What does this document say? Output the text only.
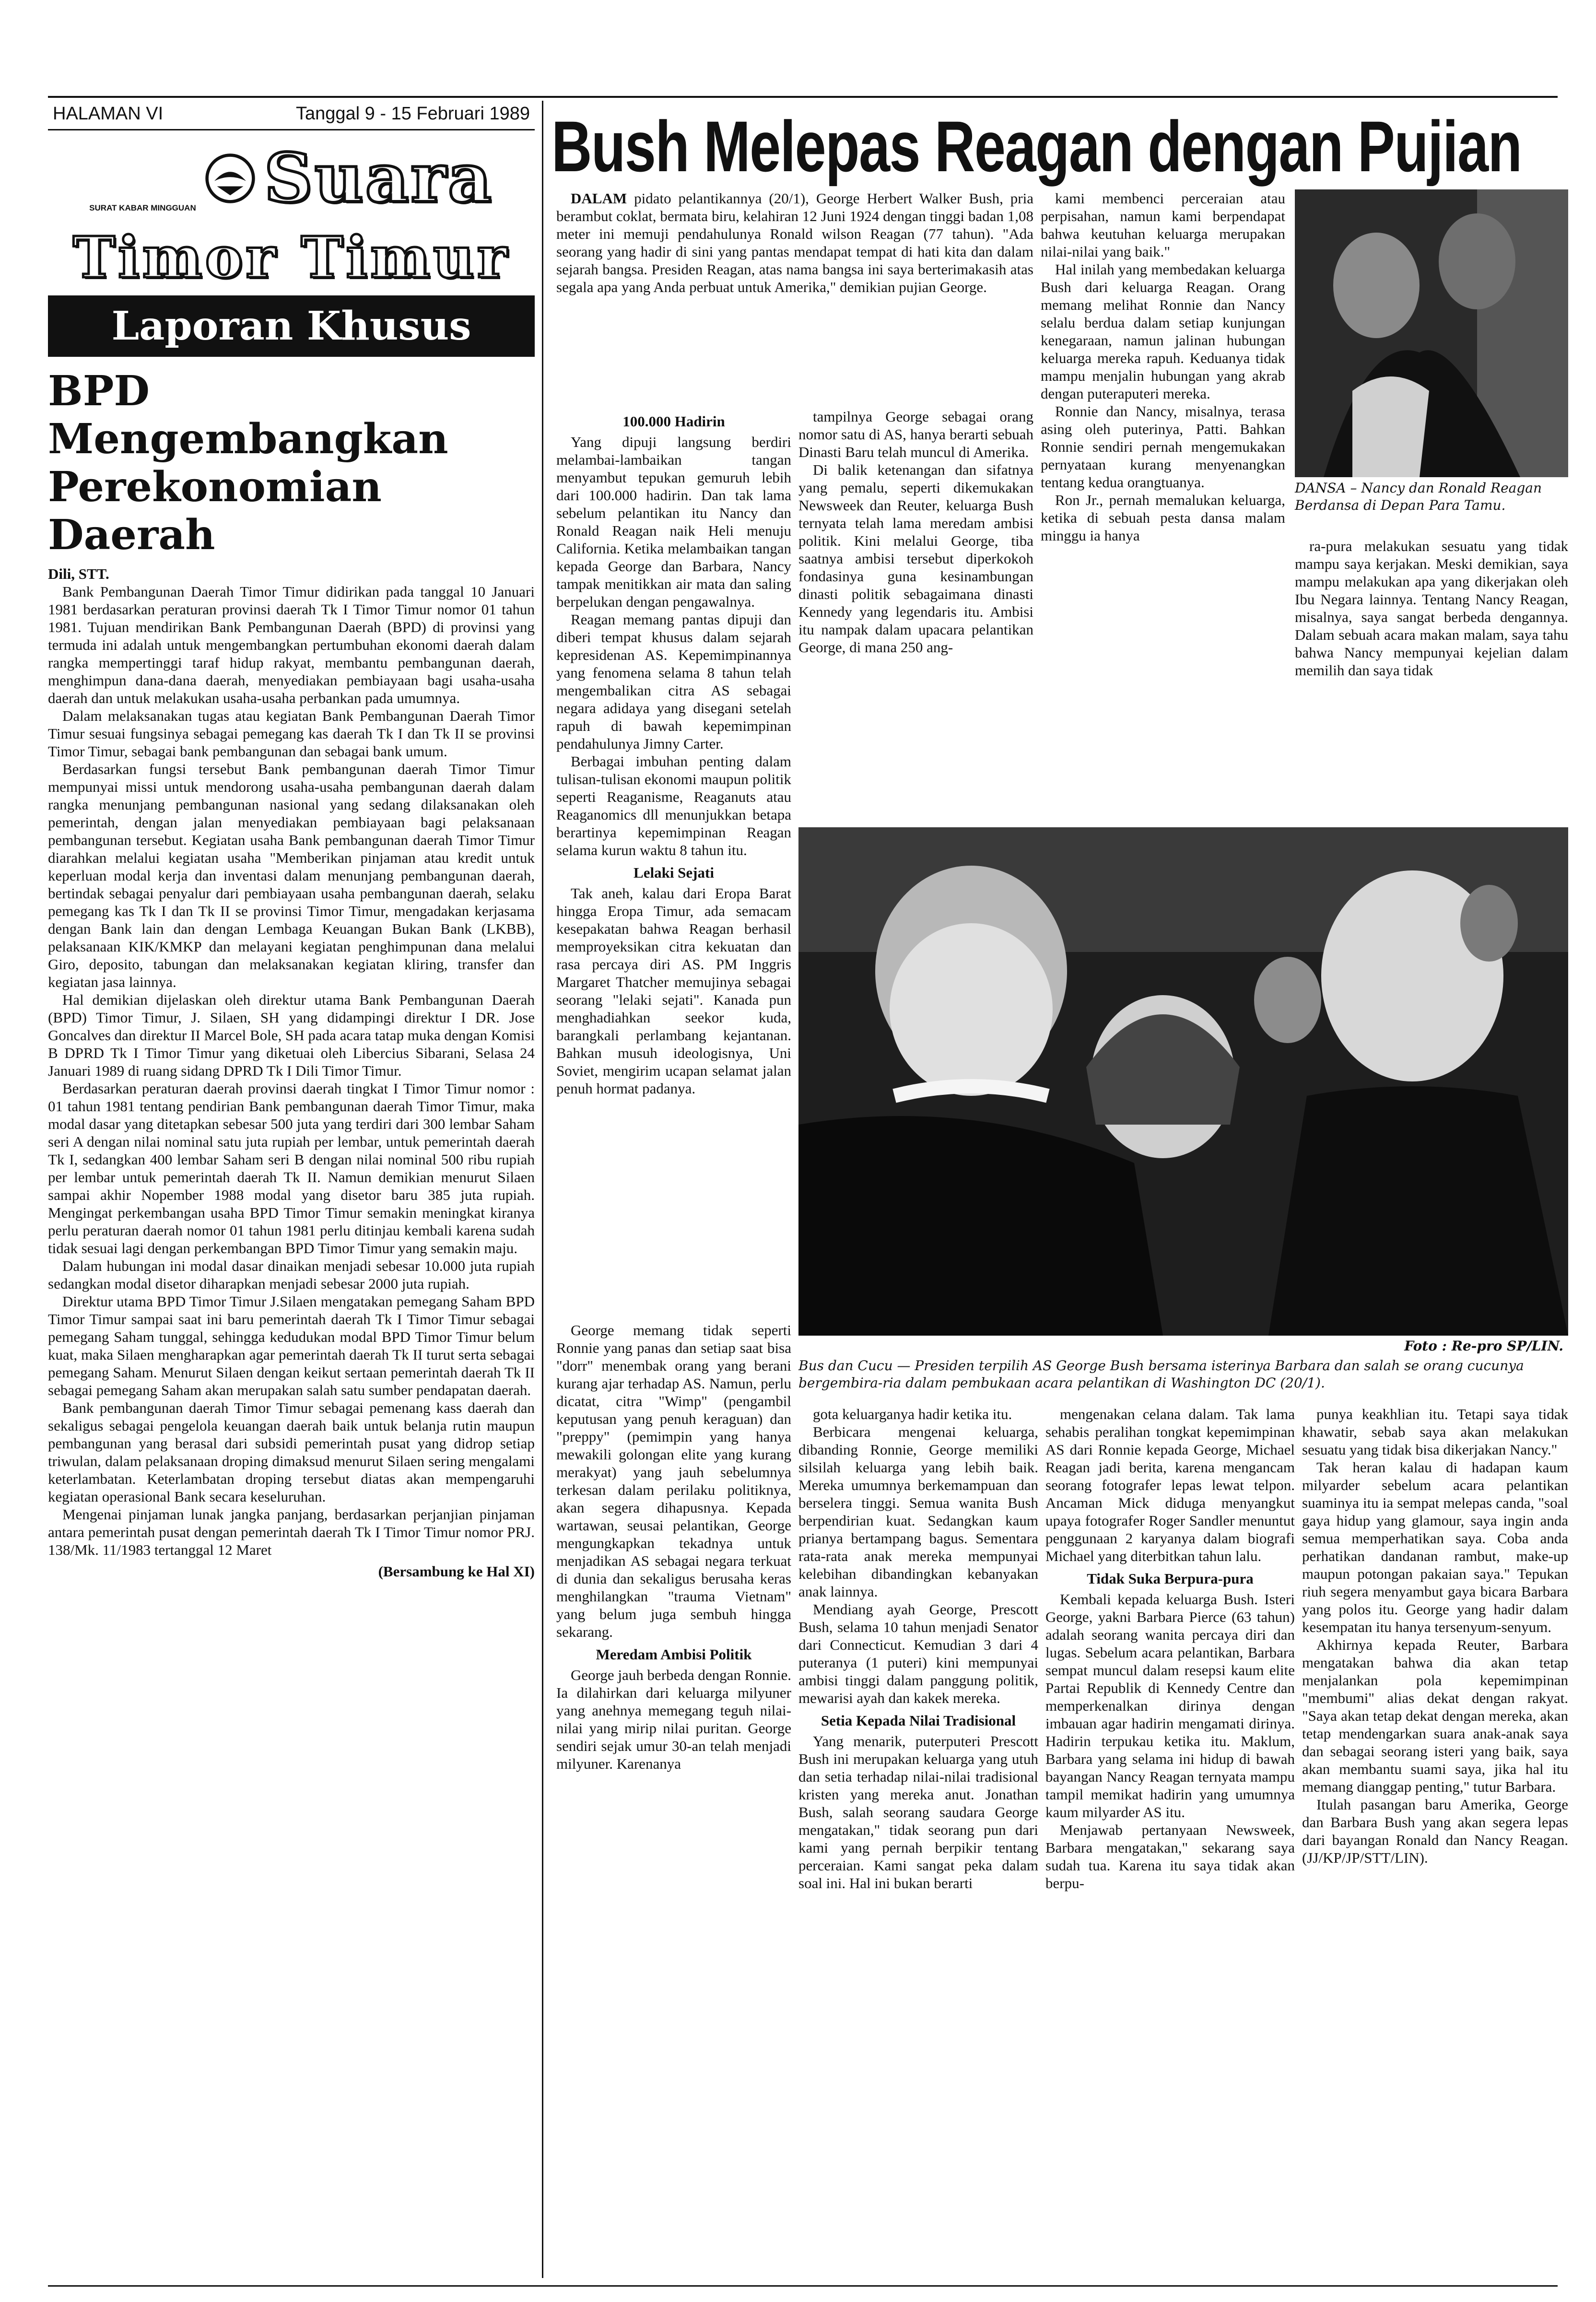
HALAMAN VI	Tanggal 9 - 15 Februari 1989
SURAT KABAR MINGGUAN Suara
Timor Timur
Laporan Khusus
BPD Mengembangkan Perekonomian Daerah

Dili, STT.

Bank Pembangunan Daerah Timor Timur didirikan pada tanggal 10 Januari 1981 berdasarkan peraturan provinsi daerah Tk I Timor Timur nomor 01 tahun 1981. Tujuan mendirikan Bank Pembangunan Daerah (BPD) di provinsi yang termuda ini adalah untuk mengembangkan pertumbuhan ekonomi daerah dalam rangka mempertinggi taraf hidup rakyat, membantu pembangunan daerah, menghimpun dana-dana daerah, menyediakan pembiayaan bagi usaha-usaha daerah dan untuk melakukan usaha-usaha perbankan pada umumnya.

Dalam melaksanakan tugas atau kegiatan Bank Pembangunan Daerah Timor Timur sesuai fungsinya sebagai pemegang kas daerah Tk I dan Tk II se provinsi Timor Timur, sebagai bank pembangunan dan sebagai bank umum.

Berdasarkan fungsi tersebut Bank pembangunan daerah Timor Timur mempunyai missi untuk mendorong usaha-usaha pembangunan daerah dalam rangka menunjang pembangunan nasional yang sedang dilaksanakan oleh pemerintah, dengan jalan menyediakan pembiayaan bagi pelaksanaan pembangunan tersebut. Kegiatan usaha Bank pembangunan daerah Timor Timur diarahkan melalui kegiatan usaha "Memberikan pinjaman atau kredit untuk keperluan modal kerja dan inventasi dalam menunjang pembangunan daerah, bertindak sebagai penyalur dari pembiayaan usaha pembangunan daerah, selaku pemegang kas Tk I dan Tk II se provinsi Timor Timur, mengadakan kerjasama dengan Bank lain dan dengan Lembaga Keuangan Bukan Bank (LKBB), pelaksanaan KIK/KMKP dan melayani kegiatan penghimpunan dana melalui Giro, deposito, tabungan dan melaksanakan kegiatan kliring, transfer dan kegiatan jasa lainnya.

Hal demikian dijelaskan oleh direktur utama Bank Pembangunan Daerah (BPD) Timor Timur, J. Silaen, SH yang didampingi direktur I DR. Jose Goncalves dan direktur II Marcel Bole, SH pada acara tatap muka dengan Komisi B DPRD Tk I Timor Timur yang diketuai oleh Libercius Sibarani, Selasa 24 Januari 1989 di ruang sidang DPRD Tk I Dili Timor Timur.

Berdasarkan peraturan daerah provinsi daerah tingkat I Timor Timur nomor : 01 tahun 1981 tentang pendirian Bank pembangunan daerah Timor Timur, maka modal dasar yang ditetapkan sebesar 500 juta yang terdiri dari 300 lembar Saham seri A dengan nilai nominal satu juta rupiah per lembar, untuk pemerintah daerah Tk I, sedangkan 400 lembar Saham seri B dengan nilai nominal 500 ribu rupiah per lembar untuk pemerintah daerah Tk II. Namun demikian menurut Silaen sampai akhir Nopember 1988 modal yang disetor baru 385 juta rupiah. Mengingat perkembangan usaha BPD Timor Timur semakin meningkat kiranya perlu peraturan daerah nomor 01 tahun 1981 perlu ditinjau kembali karena sudah tidak sesuai lagi dengan perkembangan BPD Timor Timur yang semakin maju.

Dalam hubungan ini modal dasar dinaikan menjadi sebesar 10.000 juta rupiah sedangkan modal disetor diharapkan menjadi sebesar 2000 juta rupiah.

Direktur utama BPD Timor Timur J.Silaen mengatakan pemegang Saham BPD Timor Timur sampai saat ini baru pemerintah daerah Tk I Timor Timur sebagai pemegang Saham tunggal, sehingga kedudukan modal BPD Timor Timur belum kuat, maka Silaen mengharapkan agar pemerintah daerah Tk II turut serta sebagai pemegang Saham. Menurut Silaen dengan keikut sertaan pemerintah daerah Tk II sebagai pemegang Saham akan merupakan salah satu sumber pendapatan daerah.

Bank pembangunan daerah Timor Timur sebagai pemenang kass daerah dan sekaligus sebagai pengelola keuangan daerah baik untuk belanja rutin maupun pembangunan yang berasal dari subsidi pemerintah pusat yang didrop setiap triwulan, dalam pelaksanaan droping dimaksud menurut Silaen sering mengalami keterlambatan. Keterlambatan droping tersebut diatas akan mempengaruhi kegiatan operasional Bank secara keseluruhan.

Mengenai pinjaman lunak jangka panjang, berdasarkan perjanjian pinjaman antara pemerintah pusat dengan pemerintah daerah Tk I Timor Timur nomor PRJ. 138/Mk. 11/1983 tertanggal 12 Maret

(Bersambung ke Hal XI)

Bush Melepas Reagan dengan Pujian

DALAM pidato pelantikannya (20/1), George Herbert Walker Bush, pria berambut coklat, bermata biru, kelahiran 12 Juni 1924 dengan tinggi badan 1,08 meter ini memuji pendahulunya Ronald wilson Reagan (77 tahun). "Ada seorang yang hadir di sini yang pantas mendapat tempat di hati kita dan dalam sejarah bangsa. Presiden Reagan, atas nama bangsa ini saya berterimakasih atas segala apa yang Anda perbuat untuk Amerika," demikian pujian George.

100.000 Hadirin

Yang dipuji langsung berdiri melambai-lambaikan tangan menyambut tepukan gemuruh lebih dari 100.000 hadirin. Dan tak lama sebelum pelantikan itu Nancy dan Ronald Reagan naik Heli menuju California. Ketika melambaikan tangan kepada George dan Barbara, Nancy tampak menitikkan air mata dan saling berpelukan dengan pengawalnya.

Reagan memang pantas dipuji dan diberi tempat khusus dalam sejarah kepresidenan AS. Kepemimpinannya yang fenomena selama 8 tahun telah mengembalikan citra AS sebagai negara adidaya yang disegani setelah rapuh di bawah kepemimpinan pendahulunya Jimny Carter.

Berbagai imbuhan penting dalam tulisan-tulisan ekonomi maupun politik seperti Reaganisme, Reaganuts atau Reaganomics dll menunjukkan betapa berartinya kepemimpinan Reagan selama kurun waktu 8 tahun itu.

Lelaki Sejati

Tak aneh, kalau dari Eropa Barat hingga Eropa Timur, ada semacam kesepakatan bahwa Reagan berhasil memproyeksikan citra kekuatan dan rasa percaya diri AS. PM Inggris Margaret Thatcher memujinya sebagai seorang "lelaki sejati". Kanada pun menghadiahkan seekor kuda, barangkali perlambang kejantanan. Bahkan musuh ideologisnya, Uni Soviet, mengirim ucapan selamat jalan penuh hormat padanya.

tampilnya George sebagai orang nomor satu di AS, hanya berarti sebuah Dinasti Baru telah muncul di Amerika.

Di balik ketenangan dan sifatnya yang pemalu, seperti dikemukakan Newsweek dan Reuter, keluarga Bush ternyata telah lama meredam ambisi politik. Kini melalui George, tiba saatnya ambisi tersebut diperkokoh fondasinya guna kesinambungan dinasti politik sebagaimana dinasti Kennedy yang legendaris itu. Ambisi itu nampak dalam upacara pelantikan George, di mana 250 ang-

kami membenci perceraian atau perpisahan, namun kami berpendapat bahwa keutuhan keluarga merupakan nilai-nilai yang baik."

Hal inilah yang membedakan keluarga Bush dari keluarga Reagan. Orang memang melihat Ronnie dan Nancy selalu berdua dalam setiap kunjungan kenegaraan, namun jalinan hubungan keluarga mereka rapuh. Keduanya tidak mampu menjalin hubungan yang akrab dengan puteraputeri mereka.

Ronnie dan Nancy, misalnya, terasa asing oleh puterinya, Patti. Bahkan Ronnie sendiri pernah mengemukakan pernyataan kurang menyenangkan tentang kedua orangtuanya.

Ron Jr., pernah memalukan keluarga, ketika di sebuah pesta dansa malam minggu ia hanya

ra-pura melakukan sesuatu yang tidak mampu saya kerjakan. Meski demikian, saya mampu melakukan apa yang dikerjakan oleh Ibu Negara lainnya. Tentang Nancy Reagan, misalnya, saya sangat berbeda dengannya. Dalam sebuah acara makan malam, saya tahu bahwa Nancy mempunyai kejelian dalam memilih dan saya tidak

DANSA – Nancy dan Ronald Reagan Berdansa di Depan Para Tamu.
Foto : Re-pro SP/LIN.
Bus dan Cucu — Presiden terpilih AS George Bush bersama isterinya Barbara dan salah se orang cucunya bergembira-ria dalam pembukaan acara pelantikan di Washington DC (20/1).

George memang tidak seperti Ronnie yang panas dan setiap saat bisa "dorr" menembak orang yang berani kurang ajar terhadap AS. Namun, perlu dicatat, citra "Wimp" (pengambil keputusan yang penuh keraguan) dan "preppy" (pemimpin yang hanya mewakili golongan elite yang kurang merakyat) yang jauh sebelumnya terkesan dalam perilaku politiknya, akan segera dihapusnya. Kepada wartawan, seusai pelantikan, George mengungkapkan tekadnya untuk menjadikan AS sebagai negara terkuat di dunia dan sekaligus berusaha keras menghilangkan "trauma Vietnam" yang belum juga sembuh hingga sekarang.

Meredam Ambisi Politik

George jauh berbeda dengan Ronnie. Ia dilahirkan dari keluarga milyuner yang anehnya memegang teguh nilai-nilai yang mirip nilai puritan. George sendiri sejak umur 30-an telah menjadi milyuner. Karenanya

gota keluarganya hadir ketika itu.

Berbicara mengenai keluarga, dibanding Ronnie, George memiliki silsilah keluarga yang lebih baik. Mereka umumnya berkemampuan dan berselera tinggi. Semua wanita Bush berpendirian kuat. Sedangkan kaum prianya bertampang bagus. Sementara rata-rata anak mereka mempunyai kelebihan dibandingkan kebanyakan anak lainnya.

Mendiang ayah George, Prescott Bush, selama 10 tahun menjadi Senator dari Connecticut. Kemudian 3 dari 4 puteranya (1 puteri) kini mempunyai ambisi tinggi dalam panggung politik, mewarisi ayah dan kakek mereka.

Setia Kepada Nilai Tradisional

Yang menarik, puterputeri Prescott Bush ini merupakan keluarga yang utuh dan setia terhadap nilai-nilai tradisional kristen yang mereka anut. Jonathan Bush, salah seorang saudara George mengatakan," tidak seorang pun dari kami yang pernah berpikir tentang perceraian. Kami sangat peka dalam soal ini. Hal ini bukan berarti

mengenakan celana dalam. Tak lama sehabis peralihan tongkat kepemimpinan AS dari Ronnie kepada George, Michael Reagan jadi berita, karena mengancam seorang fotografer lepas lewat telpon. Ancaman Mick diduga menyangkut upaya fotografer Roger Sandler menuntut penggunaan 2 karyanya dalam biografi Michael yang diterbitkan tahun lalu.

Tidak Suka Berpura-pura

Kembali kepada keluarga Bush. Isteri George, yakni Barbara Pierce (63 tahun) adalah seorang wanita percaya diri dan lugas. Sebelum acara pelantikan, Barbara sempat muncul dalam resepsi kaum elite Partai Republik di Kennedy Centre dan memperkenalkan dirinya dengan imbauan agar hadirin mengamati dirinya. Hadirin terpukau ketika itu. Maklum, Barbara yang selama ini hidup di bawah bayangan Nancy Reagan ternyata mampu tampil memikat hadirin yang umumnya kaum milyarder AS itu.

Menjawab pertanyaan Newsweek, Barbara mengatakan," sekarang saya sudah tua. Karena itu saya tidak akan berpu-

punya keakhlian itu. Tetapi saya tidak khawatir, sebab saya akan melakukan sesuatu yang tidak bisa dikerjakan Nancy."

Tak heran kalau di hadapan kaum milyarder sebelum acara pelantikan suaminya itu ia sempat melepas canda, "soal gaya hidup yang glamour, saya ingin anda semua memperhatikan saya. Coba anda perhatikan dandanan rambut, make-up maupun potongan pakaian saya." Tepukan riuh segera menyambut gaya bicara Barbara yang polos itu. George yang hadir dalam kesempatan itu hanya tersenyum-senyum.

Akhirnya kepada Reuter, Barbara mengatakan bahwa dia akan tetap menjalankan pola kepemimpinan "membumi" alias dekat dengan rakyat. "Saya akan tetap dekat dengan mereka, akan tetap mendengarkan suara anak-anak saya dan sebagai seorang isteri yang baik, saya akan membantu suami saya, jika hal itu memang dianggap penting," tutur Barbara.

Itulah pasangan baru Amerika, George dan Barbara Bush yang akan segera lepas dari bayangan Ronald dan Nancy Reagan. (JJ/KP/JP/STT/LIN).
